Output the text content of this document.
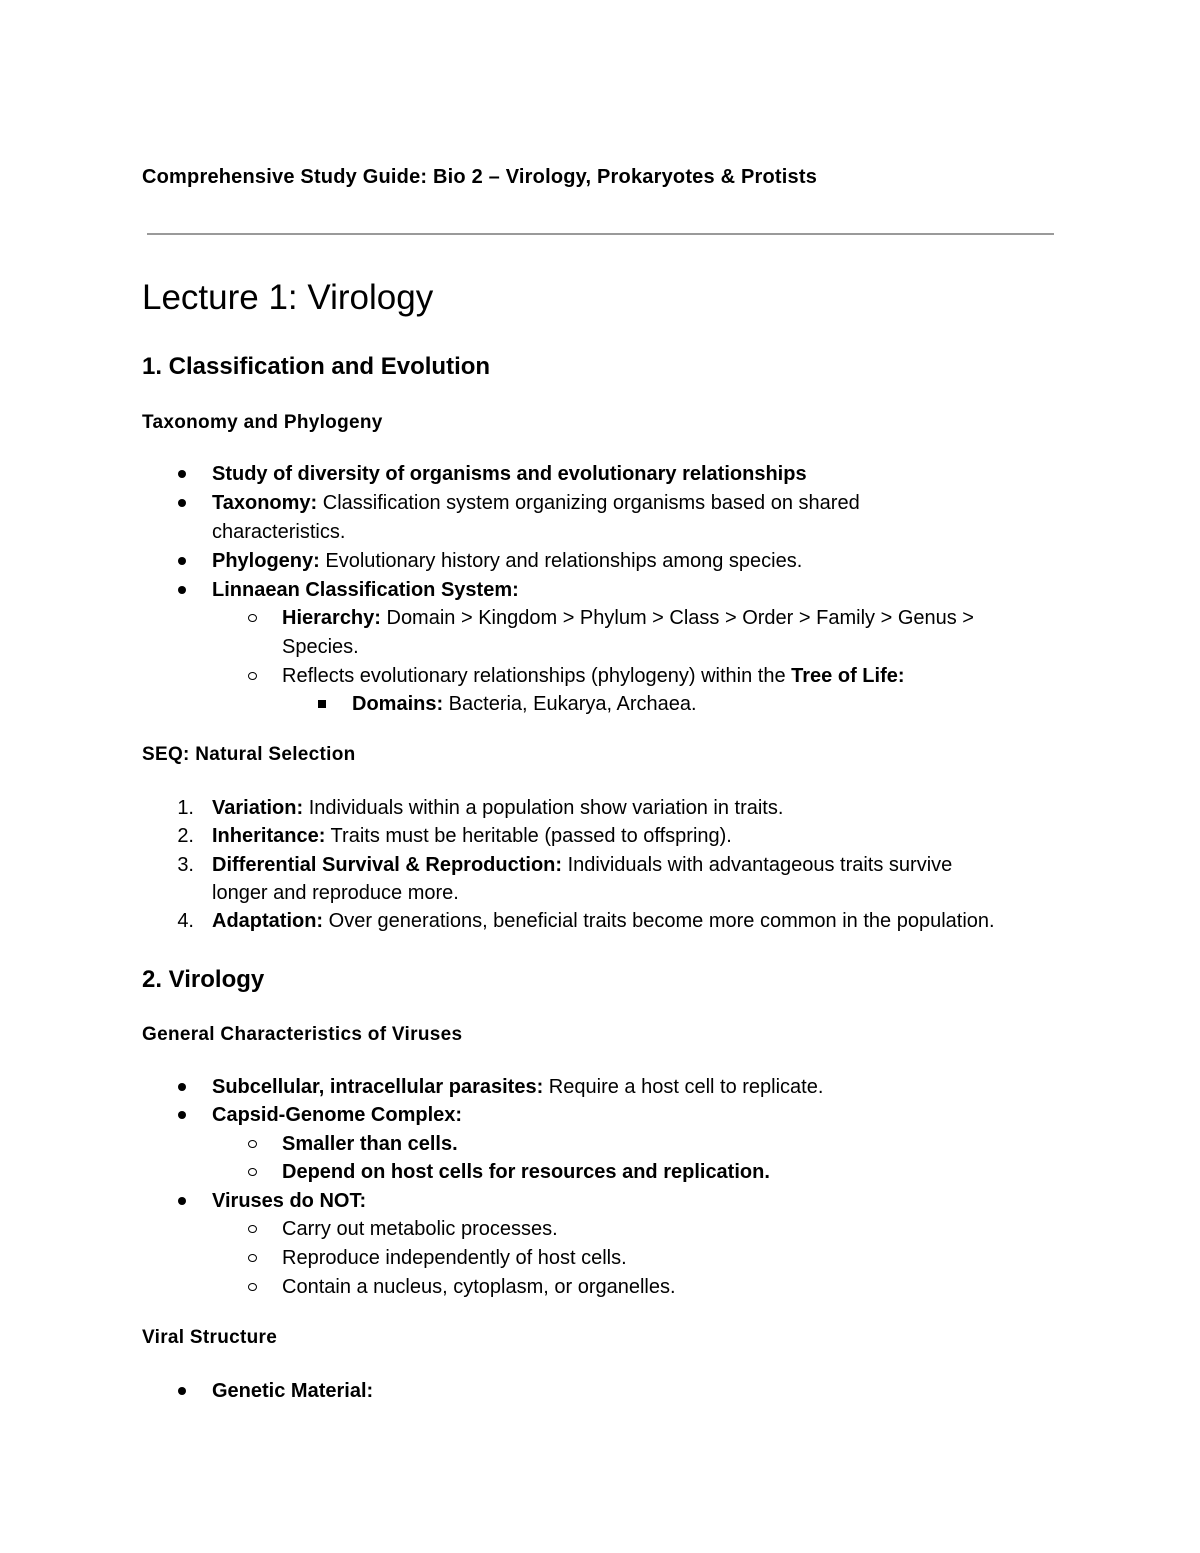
Comprehensive Study Guide: Bio 2 – Virology, Prokaryotes & Protists
Lecture 1: Virology
1. Classification and Evolution
Taxonomy and Phylogeny
Study of diversity of organisms and evolutionary relationships
Taxonomy: Classification system organizing organisms based on shared
characteristics.
Phylogeny: Evolutionary history and relationships among species.
Linnaean Classification System:
Hierarchy: Domain > Kingdom > Phylum > Class > Order > Family > Genus >
Species.
Reflects evolutionary relationships (phylogeny) within the Tree of Life:
Domains: Bacteria, Eukarya, Archaea.
SEQ: Natural Selection
1. Variation: Individuals within a population show variation in traits.
2. Inheritance: Traits must be heritable (passed to offspring).
3. Differential Survival & Reproduction: Individuals with advantageous traits survive
longer and reproduce more.
4. Adaptation: Over generations, beneficial traits become more common in the population.
2. Virology
General Characteristics of Viruses
Subcellular, intracellular parasites: Require a host cell to replicate.
Capsid-Genome Complex:
Smaller than cells.
Depend on host cells for resources and replication.
Viruses do NOT:
Carry out metabolic processes.
Reproduce independently of host cells.
Contain a nucleus, cytoplasm, or organelles.
Viral Structure
Genetic Material:
